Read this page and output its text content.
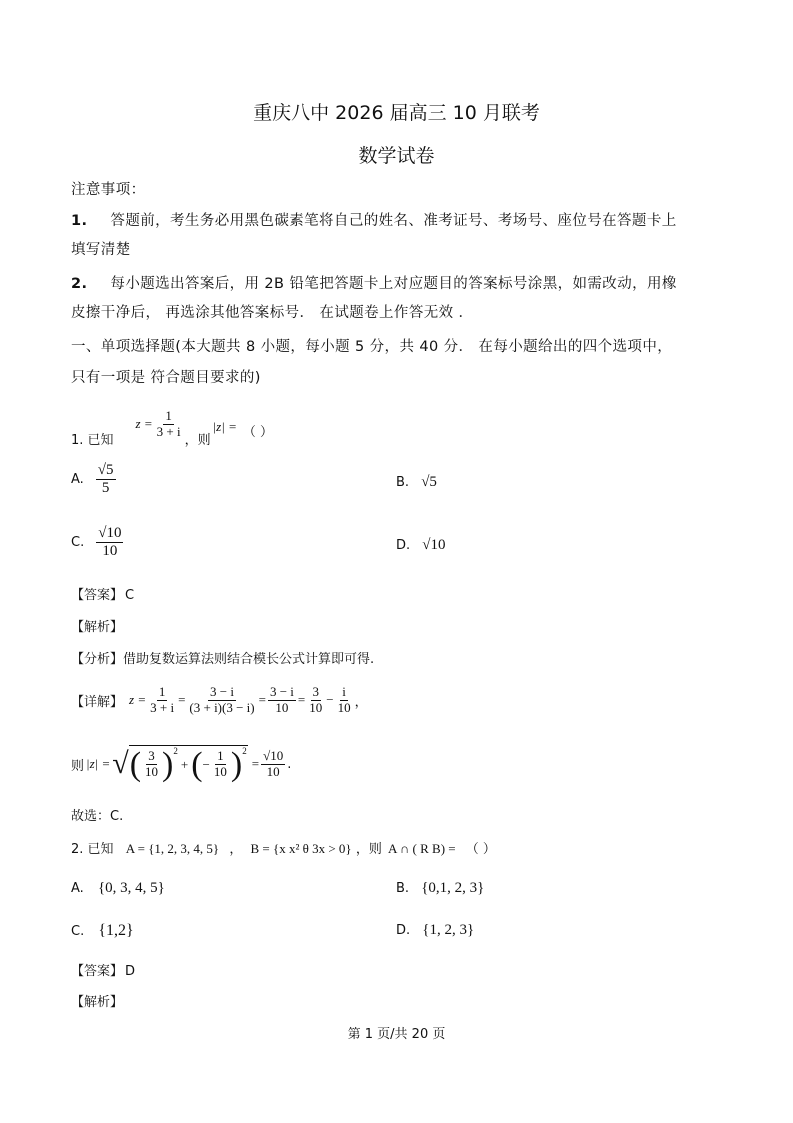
重庆八中 2026 届高三 10 月联考
数学试卷
注意事项：
1. 答题前，考生务必用黑色碳素笔将自己的姓名、准考证号、考场号、座位号在答题卡上
填写清楚
2. 每小题选出答案后，用 2B 铅笔把答题卡上对应题目的答案标号涂黑，如需改动，用橡
皮擦干净后， 再选涂其他答案标号． 在试题卷上作答无效 ．
一、单项选择题(本大题共 8 小题，每小题 5 分，共 40 分． 在每小题给出的四个选项中，
只有一项是 符合题目要求的)
1. 已知
$z = \frac{1}{3 + i}$
，则
|z| = （ ）
A. $\frac{√5}{5}$	B. √5
C. $\frac{√10}{10}$	D. √10
【答案】 C
【解析】
【分析】借助复数运算法则结合模长公式计算即可得.
【详解】 $z = \frac{1}{3 + i} = \frac{3 - i}{(3 + i)(3 - i)} = \frac{3 - i}{10} = \frac{3}{10} - \frac{i}{10}$ ，
则 |z| = √ ( $\frac{3}{10} )^2$
+ ( − $\frac{1}{10} )^2$
= $\frac{√10}{10}$ .
故选：C.
2. 已知 A = {1, 2, 3, 4, 5} ， B = {x x² θ 3x > 0} ，则 A ∩ ( R B) = （ ）
A. {0, 3, 4, 5}	B. {0,1, 2, 3}
C. {1,2}	D. {1, 2, 3}
【答案】 D
【解析】
第 1 页/共 20 页
